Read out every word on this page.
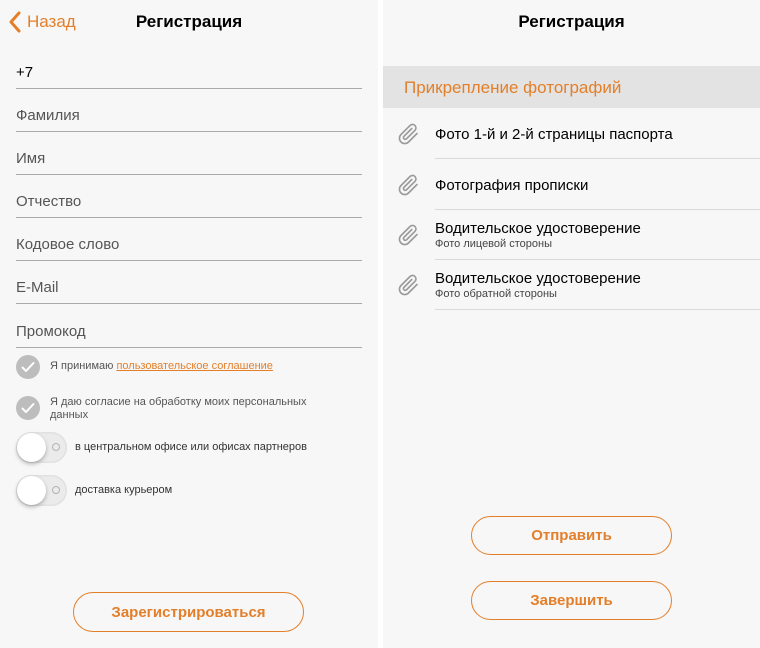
Назад	Регистрация
+7
Фамилия
Имя
Отчество
Кодовое слово
E-Mail
Промокод
Я принимаю пользовательское соглашение
Я даю согласие на обработку моих персональных данных
в центральном офисе или офисах партнеров
доставка курьером
Зарегистрироваться
Регистрация
Прикрепление фотографий
Фото 1-й и 2-й страницы паспорта
Фотография прописки
Водительское удостоверение
Фото лицевой стороны
Водительское удостоверение
Фото обратной стороны
Отправить
Завершить
